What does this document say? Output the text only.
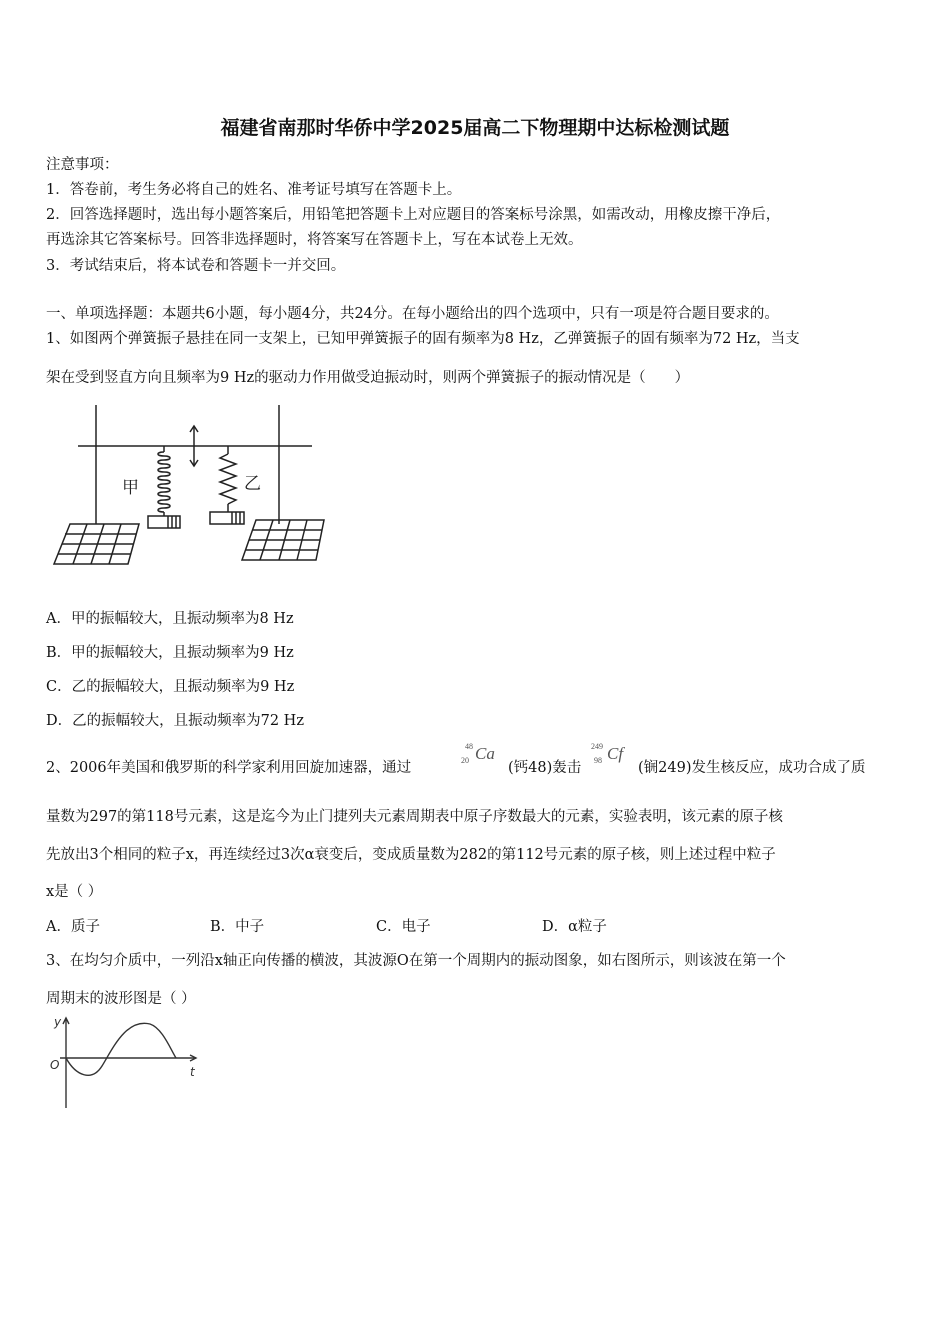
福建省南那时华侨中学2025届高二下物理期中达标检测试题
注意事项：
1．答卷前，考生务必将自己的姓名、准考证号填写在答题卡上。
2．回答选择题时，选出每小题答案后，用铅笔把答题卡上对应题目的答案标号涂黑，如需改动，用橡皮擦干净后，
再选涂其它答案标号。回答非选择题时，将答案写在答题卡上，写在本试卷上无效。
3．考试结束后，将本试卷和答题卡一并交回。
一、单项选择题：本题共6小题，每小题4分，共24分。在每小题给出的四个选项中，只有一项是符合题目要求的。
1、如图两个弹簧振子悬挂在同一支架上，已知甲弹簧振子的固有频率为8 Hz，乙弹簧振子的固有频率为72 Hz，当支
架在受到竖直方向且频率为9 Hz的驱动力作用做受迫振动时，则两个弹簧振子的振动情况是（　　）
甲	乙
A．甲的振幅较大，且振动频率为8 Hz
B．甲的振幅较大，且振动频率为9 Hz
C．乙的振幅较大，且振动频率为9 Hz
D．乙的振幅较大，且振动频率为72 Hz
2、2006年美国和俄罗斯的科学家利用回旋加速器，通过
48
20 Ca
(钙48)轰击
249
98 Cf
(锎249)发生核反应，成功合成了质
量数为297的第118号元素，这是迄今为止门捷列夫元素周期表中原子序数最大的元素，实验表明，该元素的原子核
先放出3个相同的粒子x，再连续经过3次α衰变后，变成质量数为282的第112号元素的原子核，则上述过程中粒子
x是（ ）
A．质子	B．中子	C．电子	D．α粒子
3、在均匀介质中，一列沿x轴正向传播的横波，其波源O在第一个周期内的振动图象，如右图所示，则该波在第一个
周期末的波形图是（ ）
y
O	t
